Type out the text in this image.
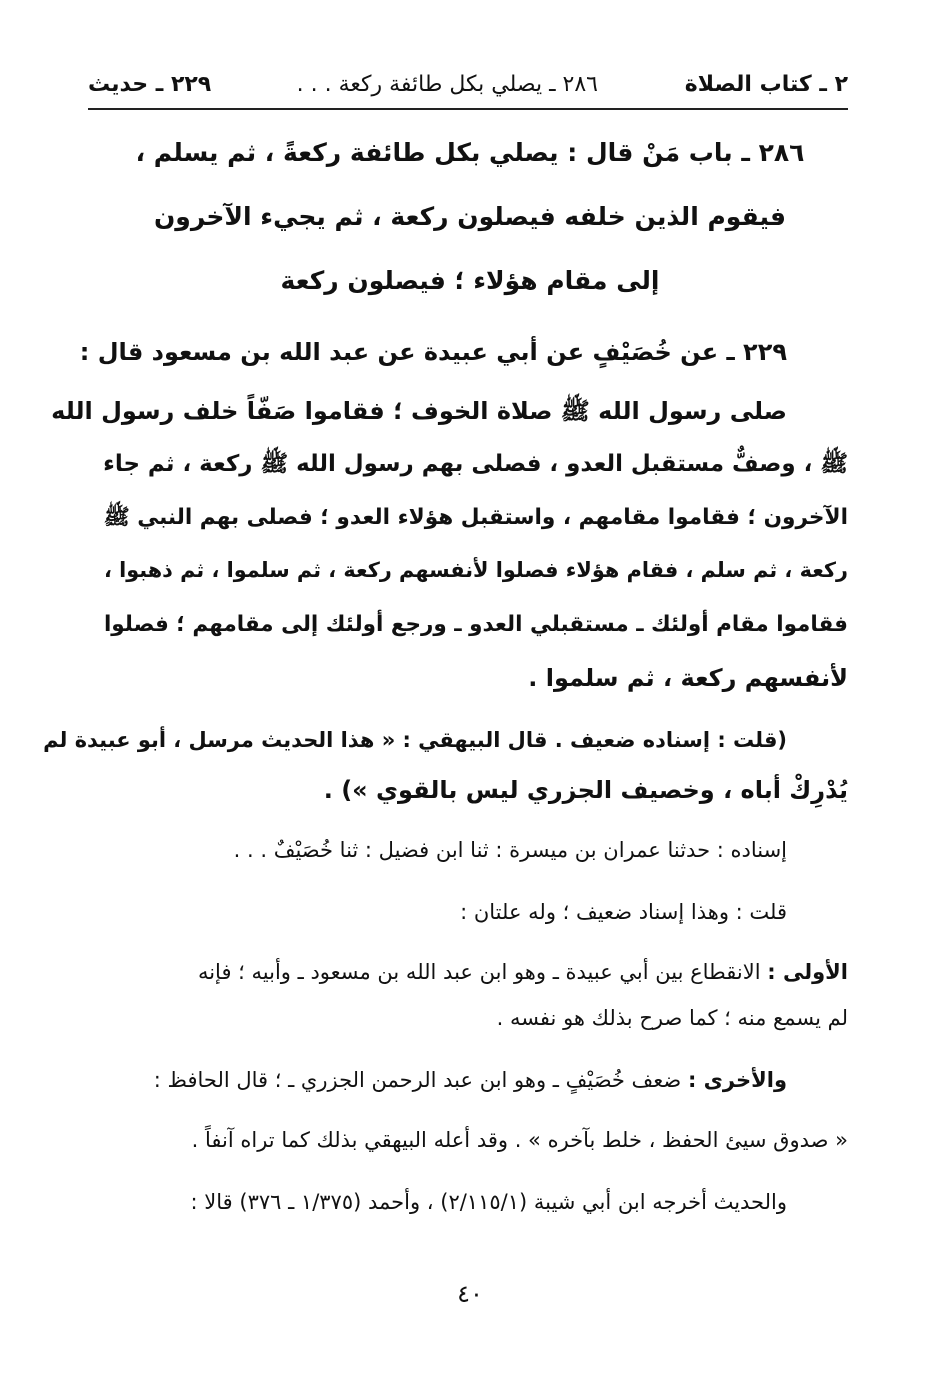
٢ ـ كتاب الصلاة
٢٨٦ ـ يصلي بكل طائفة ركعة . . .
٢٢٩ ـ حديث
٢٨٦ ـ باب مَنْ قال : يصلي بكل طائفة ركعةً ، ثم يسلم ،
فيقوم الذين خلفه فيصلون ركعة ، ثم يجيء الآخرون
إلى مقام هؤلاء ؛ فيصلون ركعة
٢٢٩ ـ عن خُصَيْفٍ عن أبي عبيدة عن عبد الله بن مسعود قال :
صلى رسول الله ﷺ صلاة الخوف ؛ فقاموا صَفّاً خلف رسول الله
ﷺ ، وصفٌّ مستقبل العدو ، فصلى بهم رسول الله ﷺ ركعة ، ثم جاء
الآخرون ؛ فقاموا مقامهم ، واستقبل هؤلاء العدو ؛ فصلى بهم النبي ﷺ
ركعة ، ثم سلم ، فقام هؤلاء فصلوا لأنفسهم ركعة ، ثم سلموا ، ثم ذهبوا ،
فقاموا مقام أولئك ـ مستقبلي العدو ـ ورجع أولئك إلى مقامهم ؛ فصلوا
لأنفسهم ركعة ، ثم سلموا .
(قلت : إسناده ضعيف . قال البيهقي : « هذا الحديث مرسل ، أبو عبيدة لم
يُدْرِكْ أباه ، وخصيف الجزري ليس بالقوي ») .
إسناده : حدثنا عمران بن ميسرة : ثنا ابن فضيل : ثنا خُصَيْفٌ . . .
قلت : وهذا إسناد ضعيف ؛ وله علتان :
الأولى : الانقطاع بين أبي عبيدة ـ وهو ابن عبد الله بن مسعود ـ وأبيه ؛ فإنه
لم يسمع منه ؛ كما صرح بذلك هو نفسه .
والأخرى : ضعف خُصَيْفٍ ـ وهو ابن عبد الرحمن الجزري ـ ؛ قال الحافظ :
« صدوق سيئ الحفظ ، خلط بآخره » . وقد أعله البيهقي بذلك كما تراه آنفاً .
والحديث أخرجه ابن أبي شيبة (٢/١١٥/١) ، وأحمد (١/٣٧٥ ـ ٣٧٦) قالا :
٤٠
